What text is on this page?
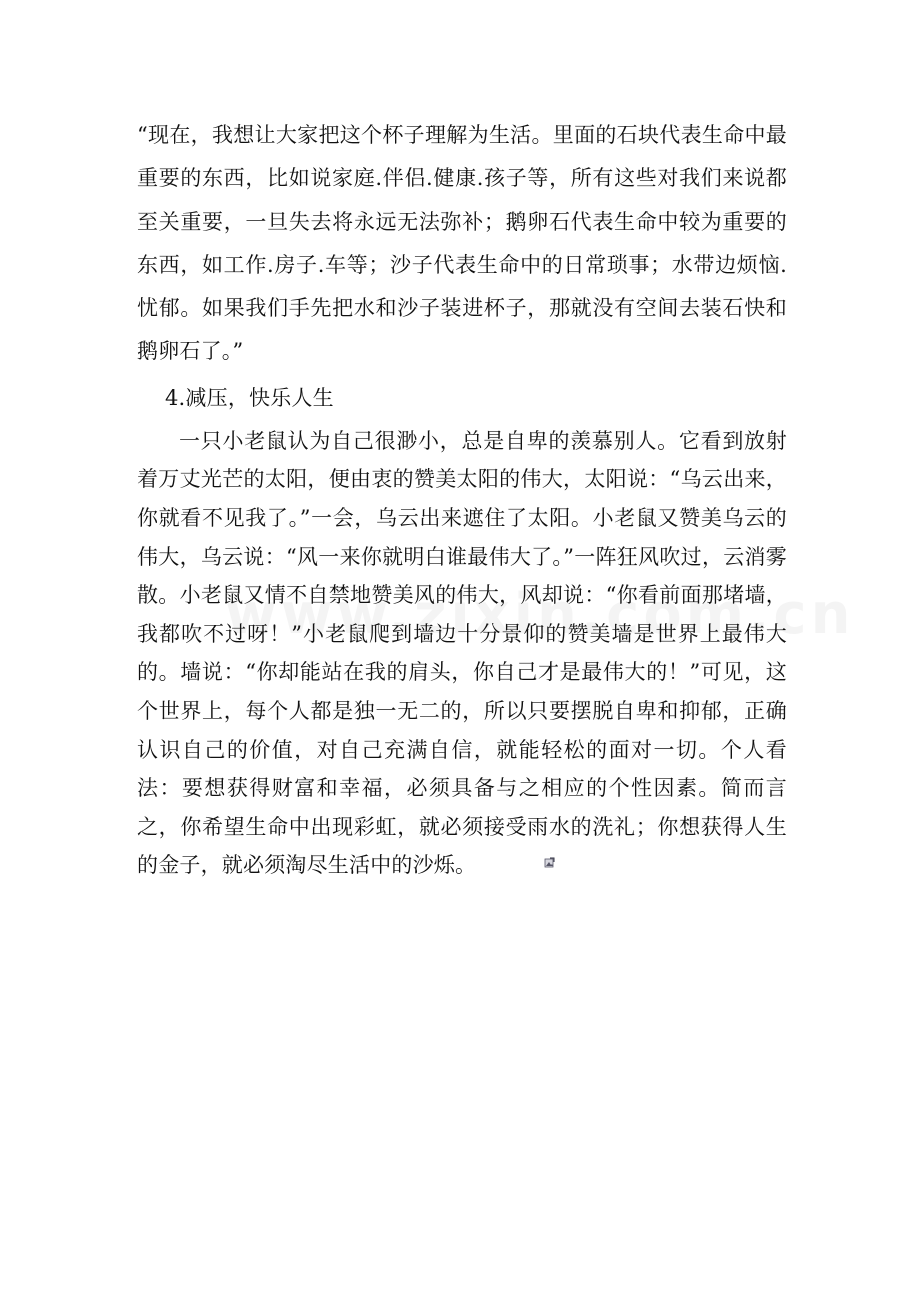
“现在，我想让大家把这个杯子理解为生活。里面的石块代表生命中最重要的东西，比如说家庭.伴侣.健康.孩子等，所有这些对我们来说都至关重要，一旦失去将永远无法弥补；鹅卵石代表生命中较为重要的东西，如工作.房子.车等；沙子代表生命中的日常琐事；水带边烦恼.忧郁。如果我们手先把水和沙子装进杯子，那就没有空间去装石快和鹅卵石了。”

4.减压，快乐人生

一只小老鼠认为自己很渺小，总是自卑的羡慕别人。它看到放射着万丈光芒的太阳，便由衷的赞美太阳的伟大，太阳说：“乌云出来，你就看不见我了。”一会，乌云出来遮住了太阳。小老鼠又赞美乌云的伟大，乌云说：“风一来你就明白谁最伟大了。”一阵狂风吹过，云消雾散。小老鼠又情不自禁地赞美风的伟大，风却说：“你看前面那堵墙，我都吹不过呀！”小老鼠爬到墙边十分景仰的赞美墙是世界上最伟大的。墙说：“你却能站在我的肩头，你自己才是最伟大的！”可见，这个世界上，每个人都是独一无二的，所以只要摆脱自卑和抑郁，正确认识自己的价值，对自己充满自信，就能轻松的面对一切。个人看法：要想获得财富和幸福，必须具备与之相应的个性因素。简而言之，你希望生命中出现彩虹，就必须接受雨水的洗礼；你想获得人生的金子，就必须淘尽生活中的沙烁。
